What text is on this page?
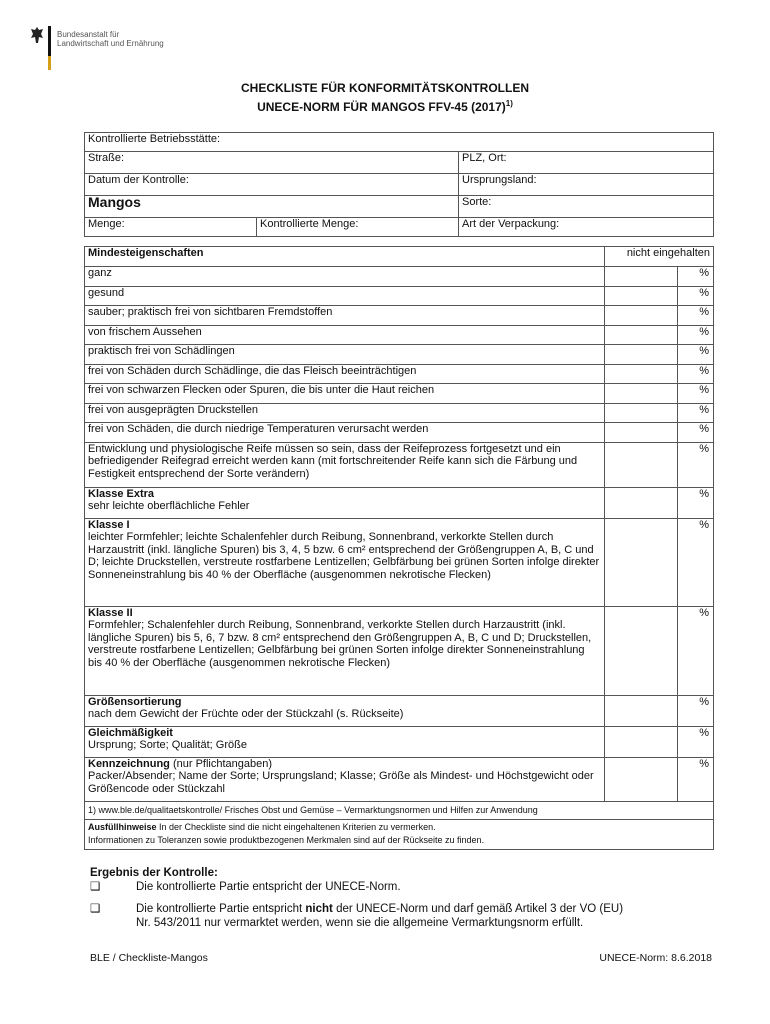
Bundesanstalt für
Landwirtschaft und Ernährung
CHECKLISTE FÜR KONFORMITÄTSKONTROLLEN
UNECE-NORM FÜR MANGOS FFV-45 $(2017)^{1)}$
Kontrollierte Betriebsstätte:		
Straße:		PLZ, Ort:
Datum der Kontrolle:		Ursprungsland:
Mangos		Sorte:
Menge:	Kontrollierte Menge:	Art der Verpackung:
Mindesteigenschaften	nicht eingehalten	
ganz		%
gesund		%
sauber; praktisch frei von sichtbaren Fremdstoffen		%
von frischem Aussehen		%
praktisch frei von Schädlingen		%
frei von Schäden durch Schädlinge, die das Fleisch beeinträchtigen		%
frei von schwarzen Flecken oder Spuren, die bis unter die Haut reichen		%
frei von ausgeprägten Druckstellen		%
frei von Schäden, die durch niedrige Temperaturen verursacht werden		%
Entwicklung und physiologische Reife müssen so sein, dass der Reifeprozess fortgesetzt und ein befriedigender Reifegrad erreicht werden kann (mit fortschreitender Reife kann sich die Färbung und Festigkeit entsprechend der Sorte verändern)		%

Klasse Extra
sehr leichte oberflächliche Fehler		%

Klasse I
leichter Formfehler; leichte Schalenfehler durch Reibung, Sonnenbrand, verkorkte Stellen durch Harzaustritt (inkl. längliche Spuren) bis 3, 4, 5 bzw. 6 cm² entsprechend der Größengruppen A, B, C und D; leichte Druckstellen, verstreute rostfarbene Lentizellen; Gelbfärbung bei grünen Sorten infolge direkter Sonneneinstrahlung bis 40 % der Oberfläche (ausgenommen nekrotische Flecken)		%

Klasse II
Formfehler; Schalenfehler durch Reibung, Sonnenbrand, verkorkte Stellen durch Harzaustritt (inkl. längliche Spuren) bis 5, 6, 7 bzw. 8 cm² entsprechend den Größengruppen A, B, C und D; Druckstellen, verstreute rostfarbene Lentizellen; Gelbfärbung bei grünen Sorten infolge direkter Sonneneinstrahlung bis 40 % der Oberfläche (ausgenommen nekrotische Flecken)		%

Größensortierung
nach dem Gewicht der Früchte oder der Stückzahl (s. Rückseite)		%

Gleichmäßigkeit
Ursprung; Sorte; Qualität; Größe		%

Kennzeichnung (nur Pflichtangaben)
Packer/Absender; Name der Sorte; Ursprungsland; Klasse; Größe als Mindest- und Höchstgewicht oder Größencode oder Stückzahl		%
1) www.ble.de/qualitaetskontrolle/ Frisches Obst und Gemüse – Vermarktungsnormen und Hilfen zur Anwendung		

Ausfüllhinweise In der Checkliste sind die nicht eingehaltenen Kriterien zu vermerken.
Informationen zu Toleranzen sowie produktbezogenen Merkmalen sind auf der Rückseite zu finden.		
Ergebnis der Kontrolle:
❑	Die kontrollierte Partie entspricht der UNECE-Norm.
❑	Die kontrollierte Partie entspricht nicht der UNECE-Norm und darf gemäß Artikel 3 der VO (EU)
Nr. 543/2011 nur vermarktet werden, wenn sie die allgemeine Vermarktungsnorm erfüllt.
BLE / Checkliste-Mangos	UNECE-Norm: 8.6.2018
